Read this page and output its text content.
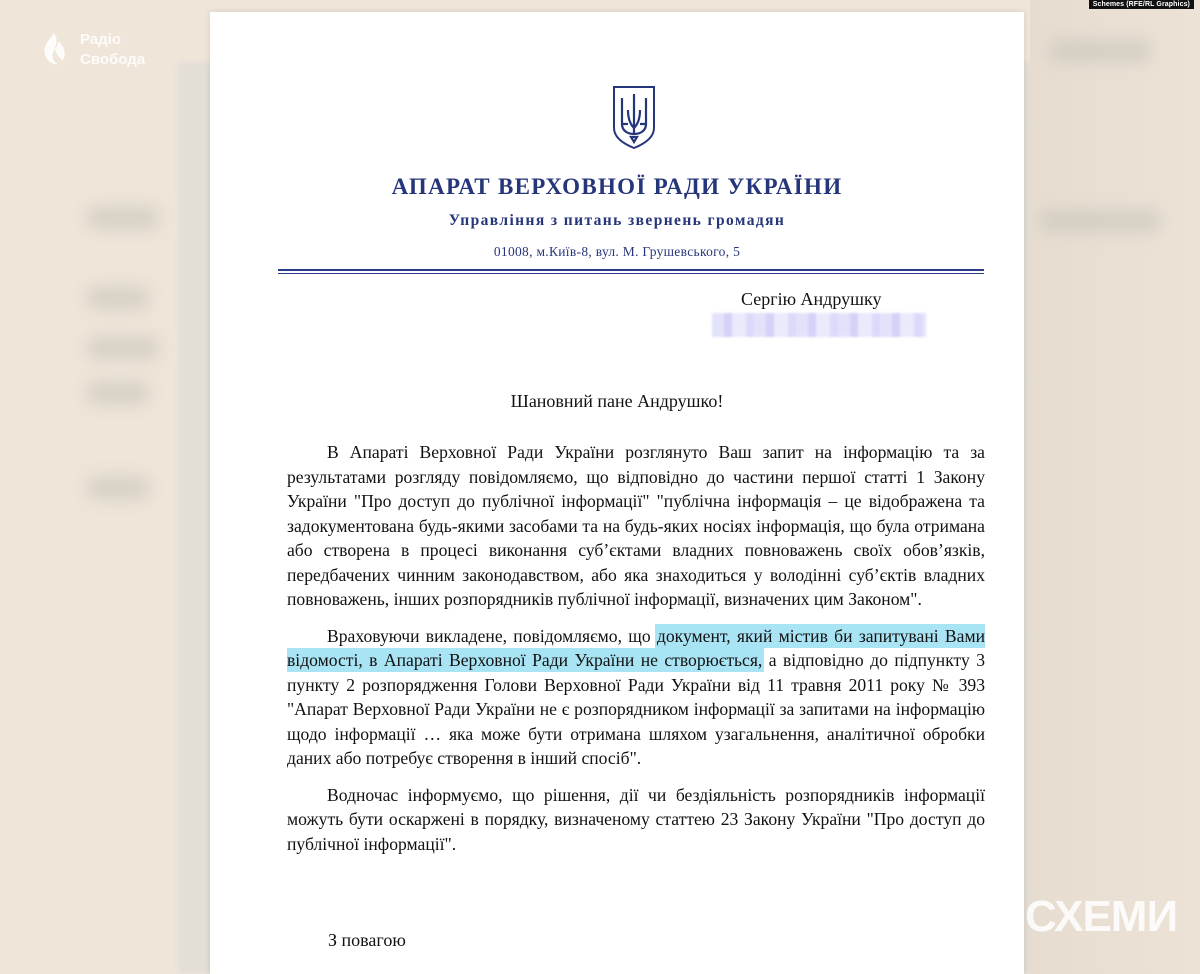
Schemes (RFE/RL Graphics)
Радіо
Свобода
СХЕМИ
АПАРАТ ВЕРХОВНОЇ РАДИ УКРАЇНИ
Управління з питань звернень громадян
01008, м.Київ-8, вул. М. Грушевського, 5
Сергію Андрушку
Шановний пане Андрушко!

В Апараті Верховної Ради України розглянуто Ваш запит на інформацію та за результатами розгляду повідомляємо, що відповідно до частини першої статті 1 Закону України "Про доступ до публічної інформації" "публічна інформація – це відображена та задокументована будь-якими засобами та на будь-яких носіях інформація, що була отримана або створена в процесі виконання суб’єктами владних повноважень своїх обов’язків, передбачених чинним законодавством, або яка знаходиться у володінні суб’єктів владних повноважень, інших розпорядників публічної інформації, визначених цим Законом".

Враховуючи викладене, повідомляємо, що документ, який містив би запитувані Вами відомості, в Апараті Верховної Ради України не створюється, а відповідно до підпункту 3 пункту 2 розпорядження Голови Верховної Ради України від 11 травня 2011 року № 393 "Апарат Верховної Ради України не є розпорядником інформації за запитами на інформацію щодо інформації … яка може бути отримана шляхом узагальнення, аналітичної обробки даних або потребує створення в інший спосіб".

Водночас інформуємо, що рішення, дії чи бездіяльність розпорядників інформації можуть бути оскаржені в порядку, визначеному статтею 23 Закону України "Про доступ до публічної інформації".

З повагою
